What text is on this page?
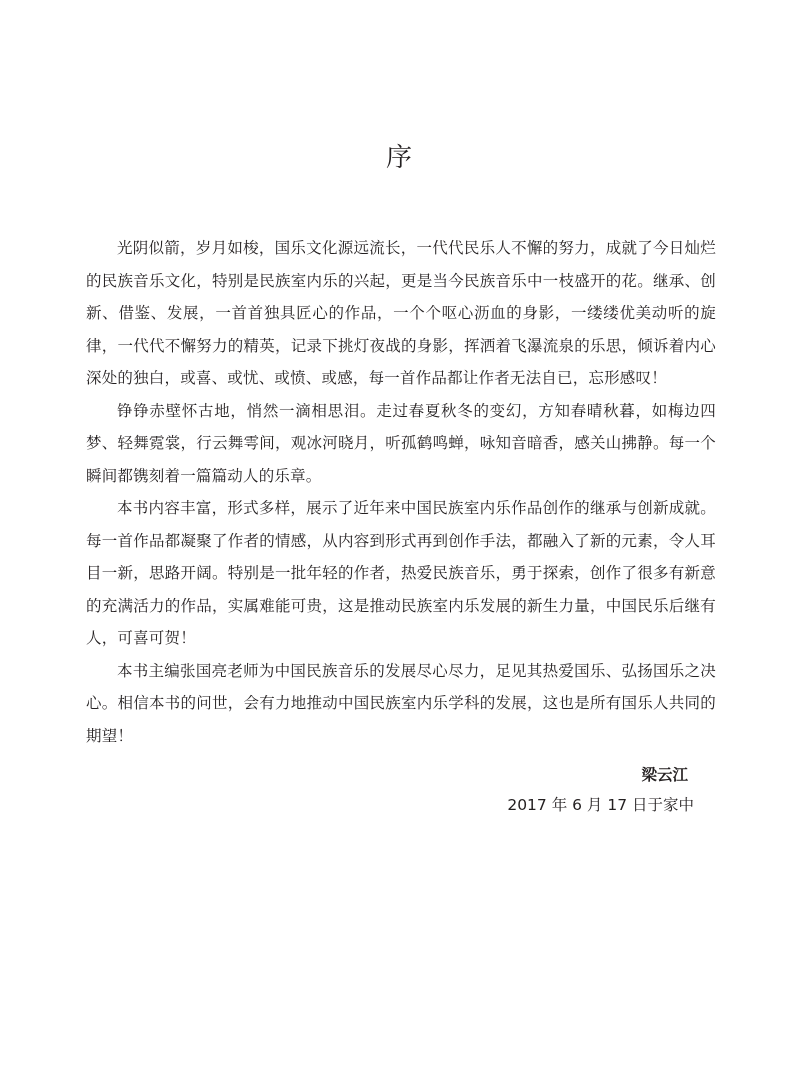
序

光阴似箭，岁月如梭，国乐文化源远流长，一代代民乐人不懈的努力，成就了今日灿烂的民族音乐文化，特别是民族室内乐的兴起，更是当今民族音乐中一枝盛开的花。继承、创新、借鉴、发展，一首首独具匠心的作品，一个个呕心沥血的身影，一缕缕优美动听的旋律，一代代不懈努力的精英，记录下挑灯夜战的身影，挥洒着飞瀑流泉的乐思，倾诉着内心深处的独白，或喜、或忧、或愤、或感，每一首作品都让作者无法自已，忘形感叹！

铮铮赤壁怀古地，悄然一滴相思泪。走过春夏秋冬的变幻，方知春晴秋暮，如梅边四梦、轻舞霓裳，行云舞雩间，观冰河晓月，听孤鹤鸣蝉，咏知音暗香，感关山拂静。每一个瞬间都镌刻着一篇篇动人的乐章。

本书内容丰富，形式多样，展示了近年来中国民族室内乐作品创作的继承与创新成就。每一首作品都凝聚了作者的情感，从内容到形式再到创作手法，都融入了新的元素，令人耳目一新，思路开阔。特别是一批年轻的作者，热爱民族音乐，勇于探索，创作了很多有新意的充满活力的作品，实属难能可贵，这是推动民族室内乐发展的新生力量，中国民乐后继有人，可喜可贺！

本书主编张国亮老师为中国民族音乐的发展尽心尽力，足见其热爱国乐、弘扬国乐之决心。相信本书的问世，会有力地推动中国民族室内乐学科的发展，这也是所有国乐人共同的期望！

梁云江
2017 年 6 月 17 日于家中
